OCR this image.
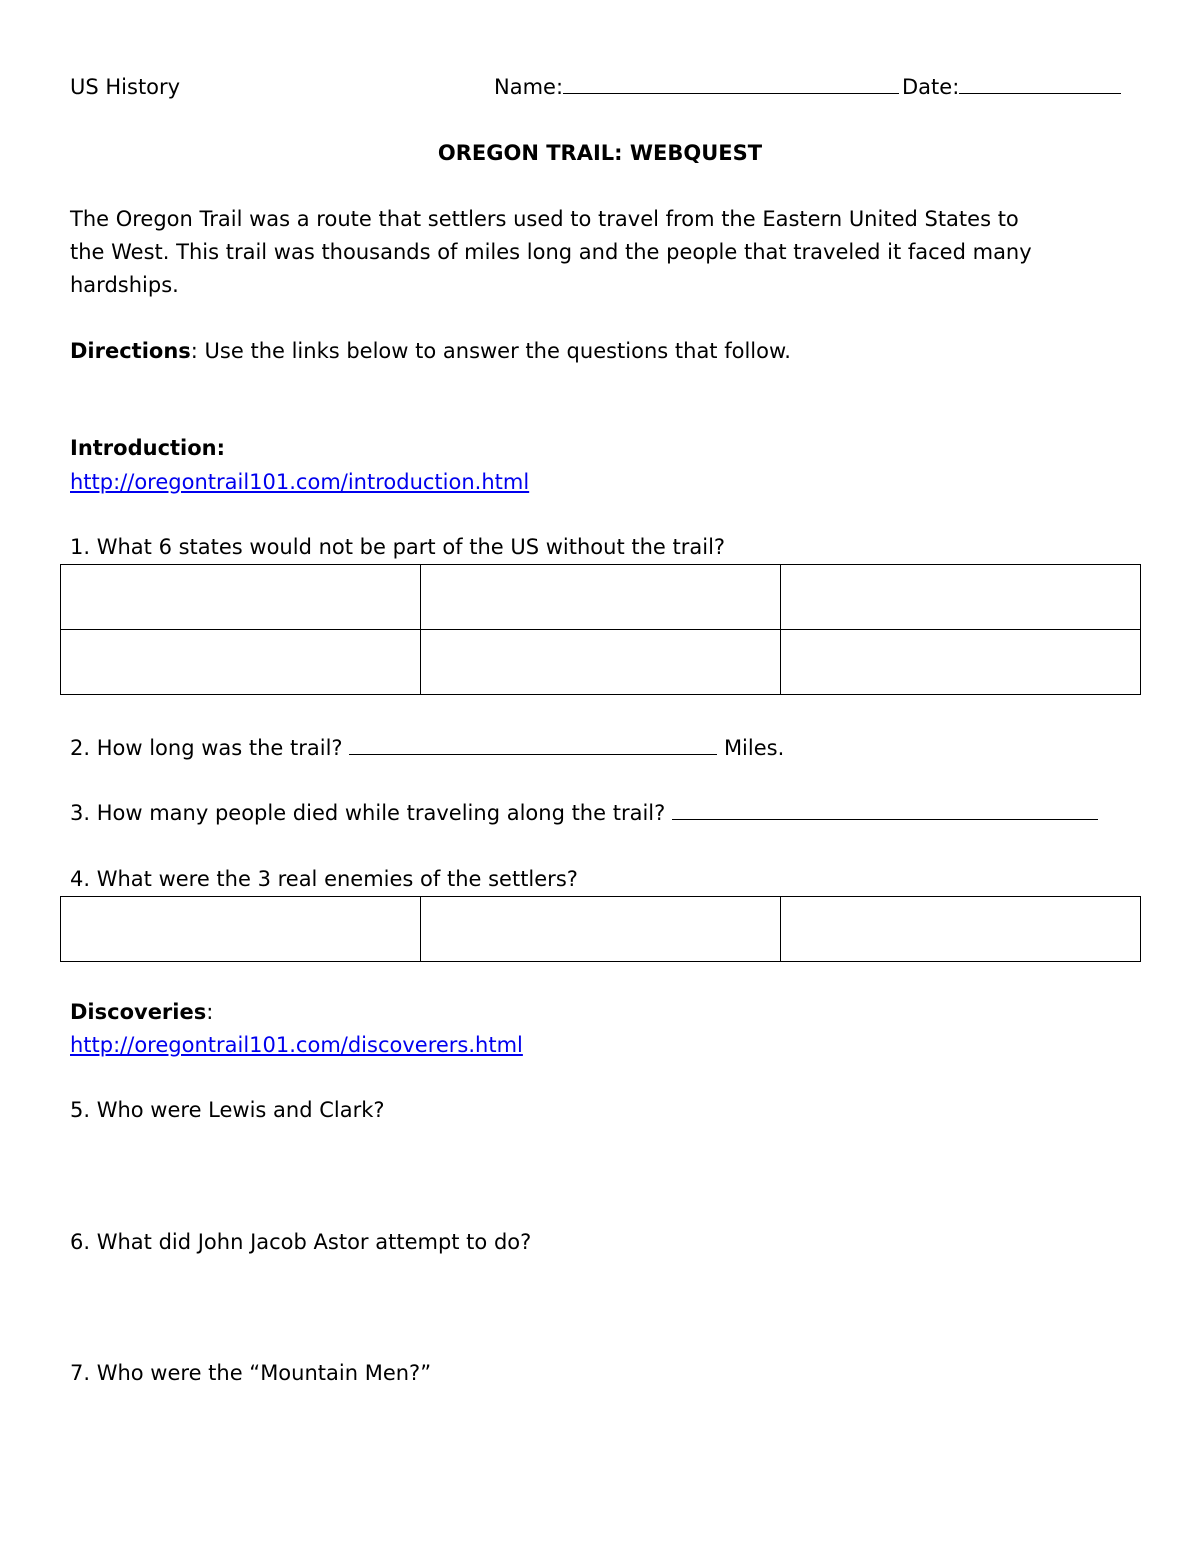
US History	Name:	Date:
OREGON TRAIL: WEBQUEST
The Oregon Trail was a route that settlers used to travel from the Eastern United States to
the West. This trail was thousands of miles long and the people that traveled it faced many
hardships.
Directions: Use the links below to answer the questions that follow.
Introduction:
http://oregontrail101.com/introduction.html
1. What 6 states would not be part of the US without the trail?

2. How long was the trail?	Miles.
3. How many people died while traveling along the trail?
4. What were the 3 real enemies of the settlers?

Discoveries:
http://oregontrail101.com/discoverers.html
5. Who were Lewis and Clark?
6. What did John Jacob Astor attempt to do?
7. Who were the “Mountain Men?”
